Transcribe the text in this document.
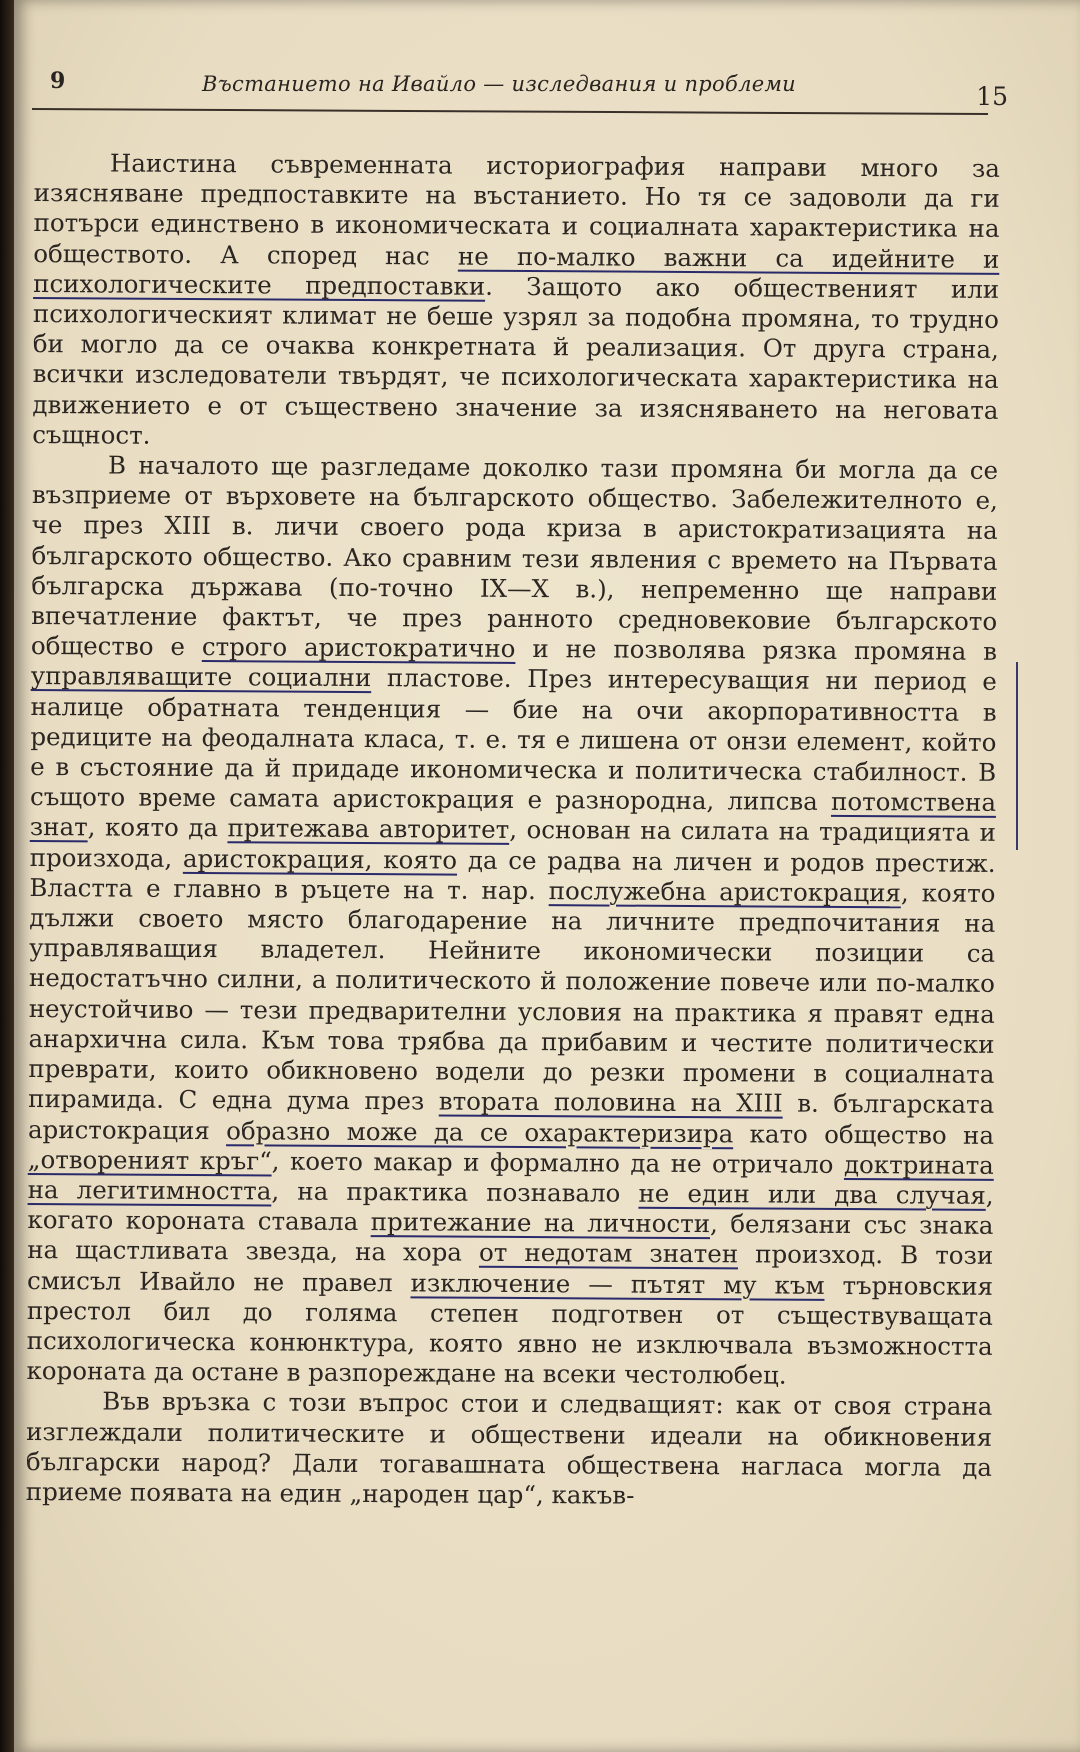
9	Въстанието на Ивайло — изследвания и проблеми	15

Наистина съвременната историография направи много за изясняване предпоставките на въстанието. Но тя се задоволи да ги потърси единствено в икономическата и социалната характеристика на обществото. А според нас не по-малко важни са идейните и психологическите предпоставки. Защото ако общественият или психологическият климат не беше узрял за подобна промяна, то трудно би могло да се очаква конкретната й реализация. От друга страна, всички изследователи твърдят, че психологическата характеристика на движението е от съществено значение за изясняването на неговата същност.

В началото ще разгледаме доколко тази промяна би могла да се възприеме от върховете на българското общество. Забележителното е, че през XIII в. личи своего рода криза в аристократизацията на българското общество. Ако сравним тези явления с времето на Първата българска държава (по-точно IX—X в.), непременно ще направи впечатление фактът, че през ранното средновековие българското общество е строго аристократично и не позволява рязка промяна в управляващите социални пластове. През интересуващия ни период е налице обратната тенденция — бие на очи акорпоративността в редиците на феодалната класа, т. е. тя е лишена от онзи елемент, който е в състояние да й придаде икономическа и политическа стабилност. В същото време самата аристокрация е разнородна, липсва потомствена знат, която да притежава авторитет, основан на силата на традицията и произхода, аристокрация, която да се радва на личен и родов престиж. Властта е главно в ръцете на т. нар. послужебна аристокрация, която дължи своето място благодарение на личните предпочитания на управляващия владетел. Нейните икономически позиции са недостатъчно силни, а политическото й положение повече или по-малко неустойчиво — тези предварителни условия на практика я правят една анархична сила. Към това трябва да прибавим и честите политически преврати, които обикновено водели до резки промени в социалната пирамида. С една дума през втората половина на XIII в. българската аристокрация образно може да се охарактеризира като общество на „отвореният кръг“, което макар и формално да не отричало доктрината на легитимността, на практика познавало не един или два случая, когато короната ставала притежание на личности, белязани със знака на щастливата звезда, на хора от недотам знатен произход. В този смисъл Ивайло не правел изключение — пътят му към търновския престол бил до голяма степен подготвен от съществуващата психологическа конюнктура, която явно не изключвала възможността короната да остане в разпореждане на всеки честолюбец.

Във връзка с този въпрос стои и следващият: как от своя страна изглеждали политическите и обществени идеали на обикновения български народ? Дали тогавашната обществена нагласа могла да приеме появата на един „народен цар“, какъв-
